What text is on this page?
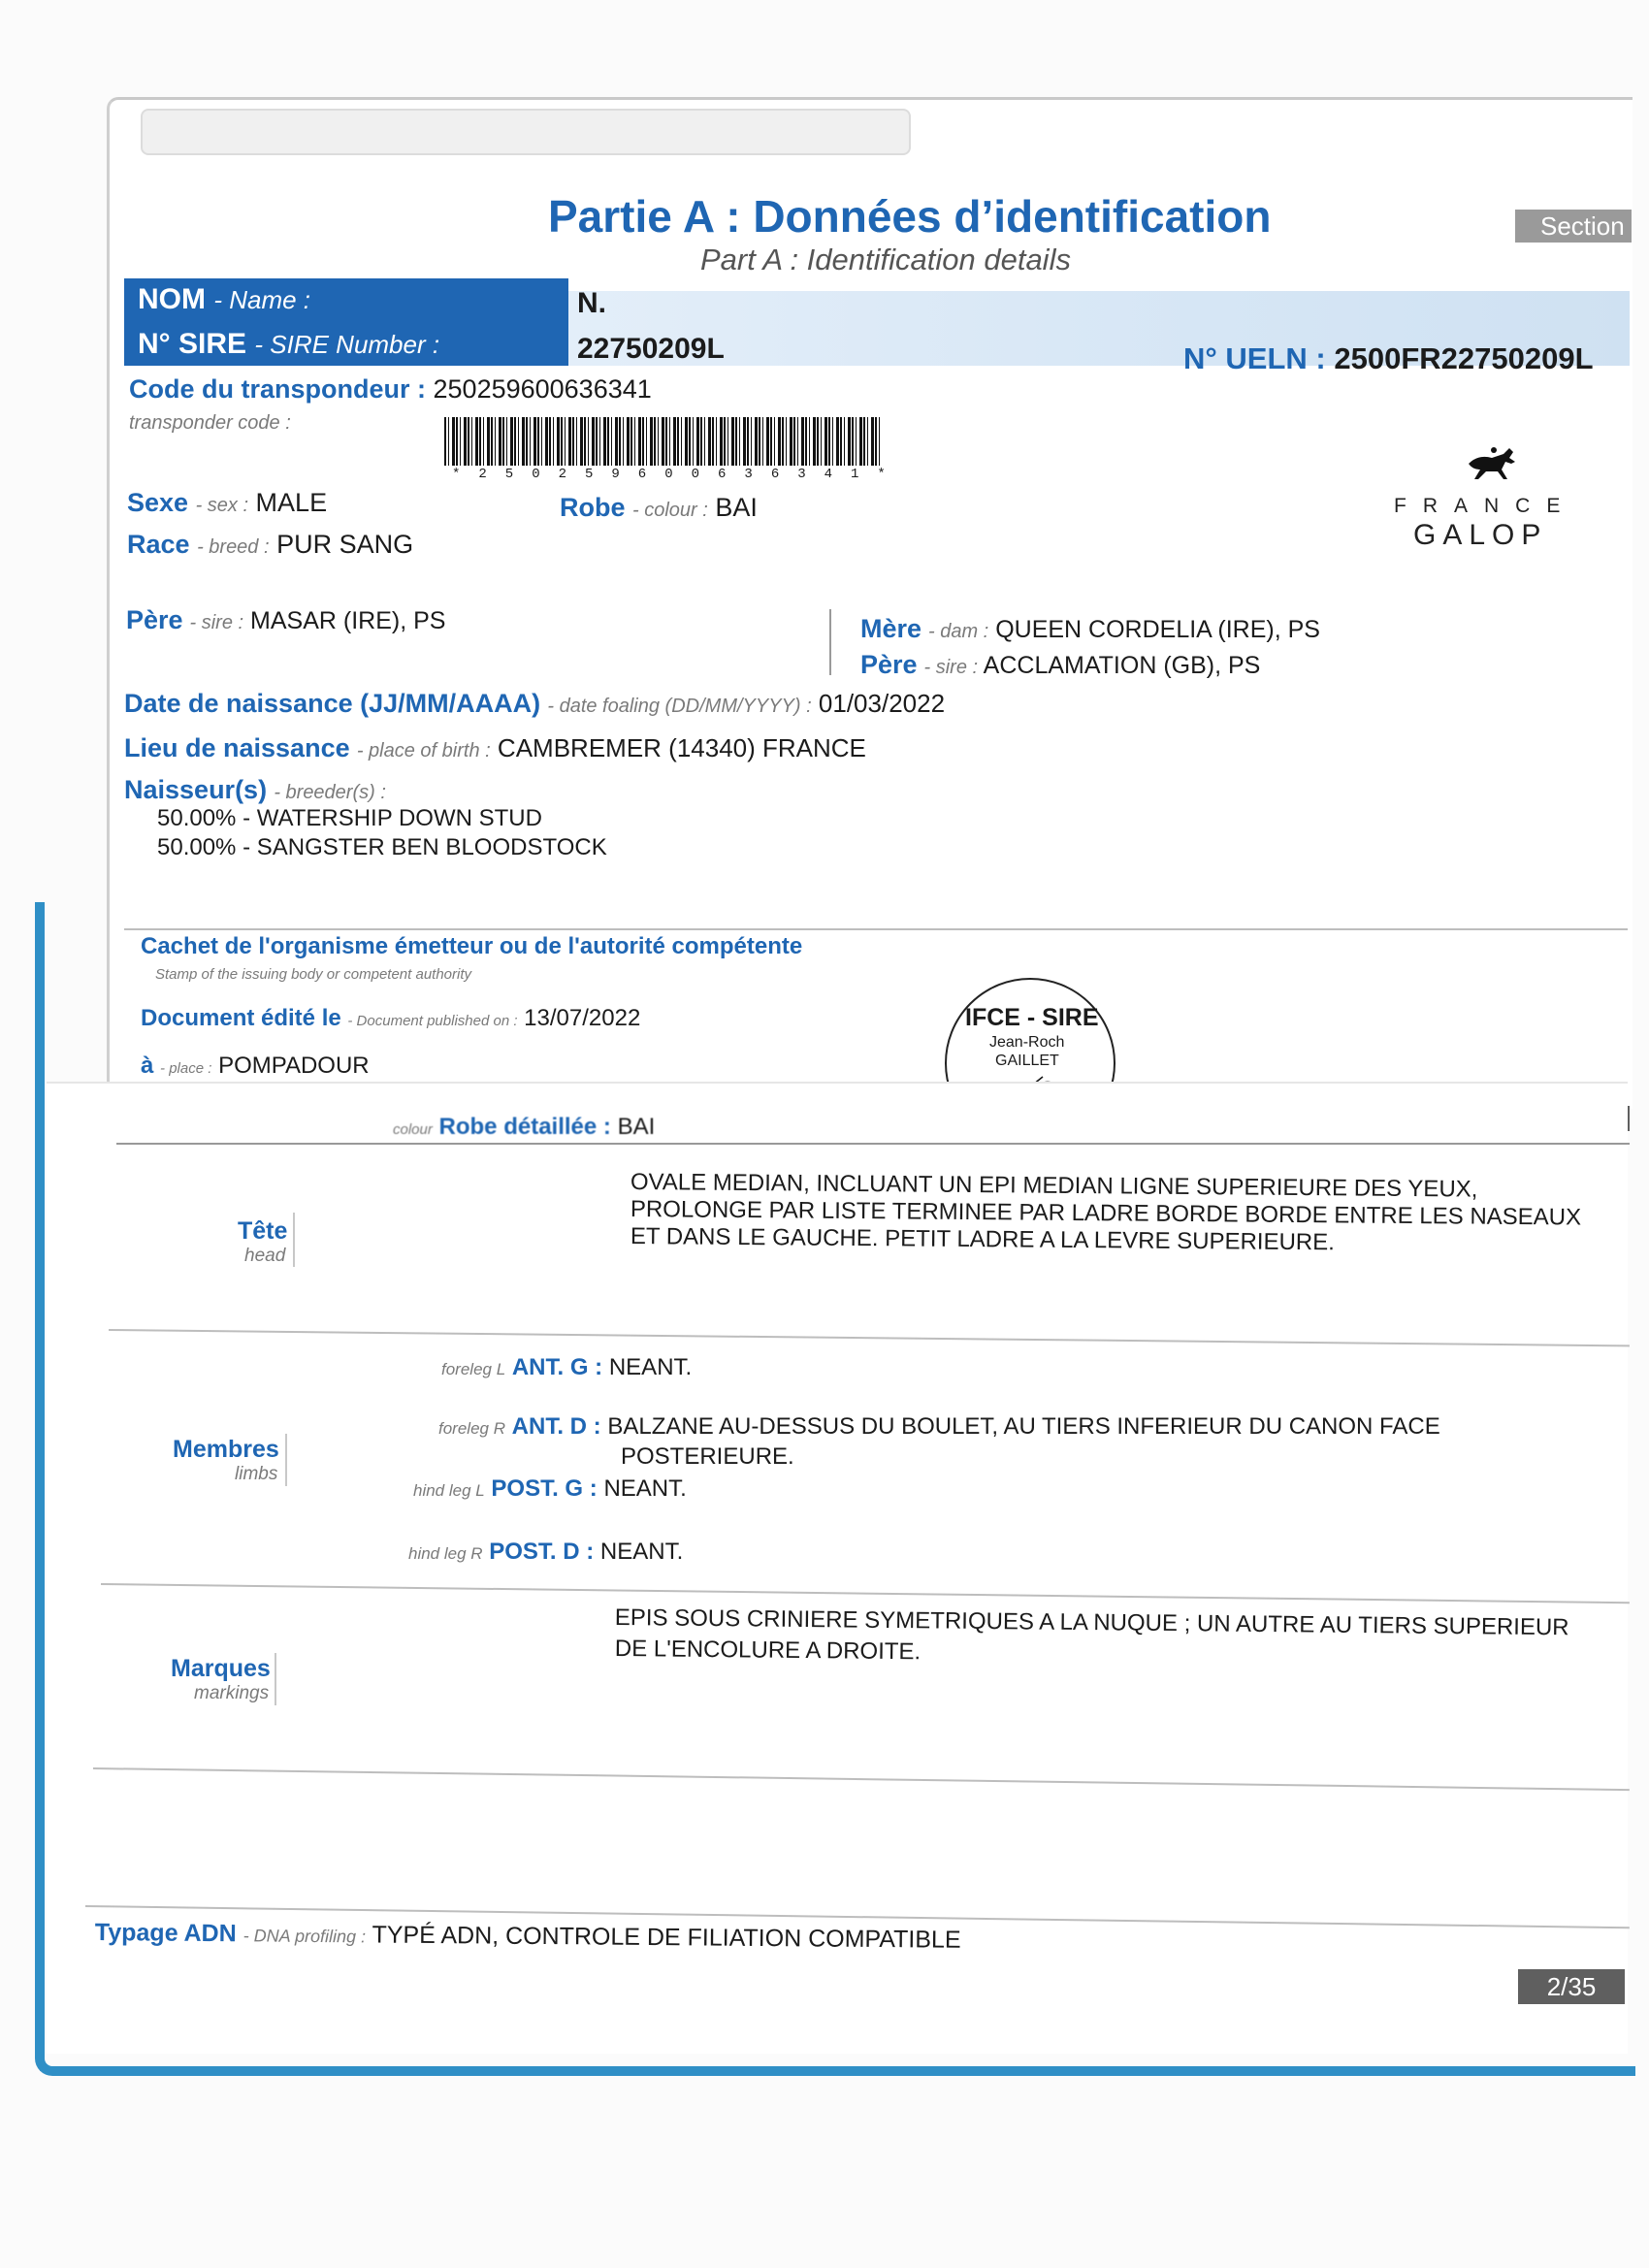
Partie A : Données d’identification
Part A : Identification details
Section
NOM - Name :
N° SIRE - SIRE Number :
N.
22750209L	N° UELN : 2500FR22750209L
Code du transpondeur : 250259600636341
transponder code :
*250259600636341*
FRANCE
GALOP
Sexe - sex : MALE	Robe - colour : BAI
Race - breed : PUR SANG
Père - sire : MASAR (IRE), PS	Mère - dam : QUEEN CORDELIA (IRE), PS
Père - sire : ACCLAMATION (GB), PS
Date de naissance (JJ/MM/AAAA) - date foaling (DD/MM/YYYY) : 01/03/2022
Lieu de naissance - place of birth : CAMBREMER (14340) FRANCE
Naisseur(s) - breeder(s) :
50.00% - WATERSHIP DOWN STUD
50.00% - SANGSTER BEN BLOODSTOCK
Cachet de l'organisme émetteur ou de l'autorité compétente
Stamp of the issuing body or competent authority
Document édité le - Document published on : 13/07/2022
à - place : POMPADOUR
IFCE - SIRE
Jean-Roch
GAILLET
colour Robe détaillée : BAI
Tête
head
OVALE MEDIAN, INCLUANT UN EPI MEDIAN LIGNE SUPERIEURE DES YEUX,
PROLONGE PAR LISTE TERMINEE PAR LADRE BORDE BORDE ENTRE LES NASEAUX
ET DANS LE GAUCHE. PETIT LADRE A LA LEVRE SUPERIEURE.
Membres
limbs
foreleg L ANT. G : NEANT.
foreleg R ANT. D : BALZANE AU-DESSUS DU BOULET, AU TIERS INFERIEUR DU CANON FACE
POSTERIEURE.
hind leg L POST. G : NEANT.
hind leg R POST. D : NEANT.
Marques
markings
EPIS SOUS CRINIERE SYMETRIQUES A LA NUQUE ; UN AUTRE AU TIERS SUPERIEUR
DE L'ENCOLURE A DROITE.
Typage ADN - DNA profiling : TYPÉ ADN, CONTROLE DE FILIATION COMPATIBLE
2/35
